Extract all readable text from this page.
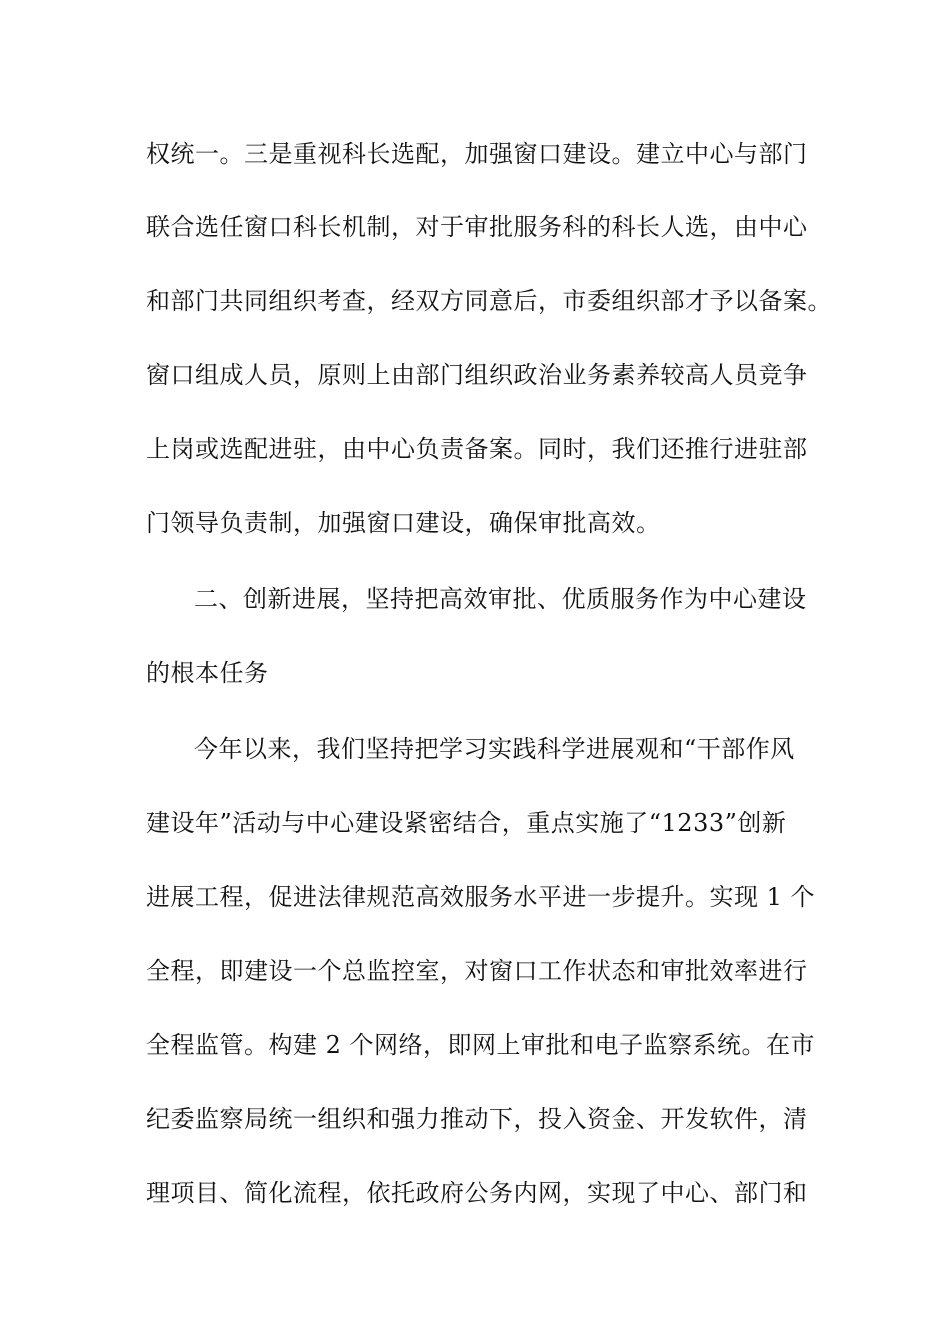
权统一。三是重视科长选配，加强窗口建设。建立中心与部门
联合选任窗口科长机制，对于审批服务科的科长人选，由中心
和部门共同组织考查，经双方同意后，市委组织部才予以备案。
窗口组成人员，原则上由部门组织政治业务素养较高人员竞争
上岗或选配进驻，由中心负责备案。同时，我们还推行进驻部
门领导负责制，加强窗口建设，确保审批高效。
二、创新进展，坚持把高效审批、优质服务作为中心建设
的根本任务
今年以来，我们坚持把学习实践科学进展观和“干部作风
建设年”活动与中心建设紧密结合，重点实施了“1233”创新
进展工程，促进法律规范高效服务水平进一步提升。实现 1 个
全程，即建设一个总监控室，对窗口工作状态和审批效率进行
全程监管。构建 2 个网络，即网上审批和电子监察系统。在市
纪委监察局统一组织和强力推动下，投入资金、开发软件，清
理项目、简化流程，依托政府公务内网，实现了中心、部门和
